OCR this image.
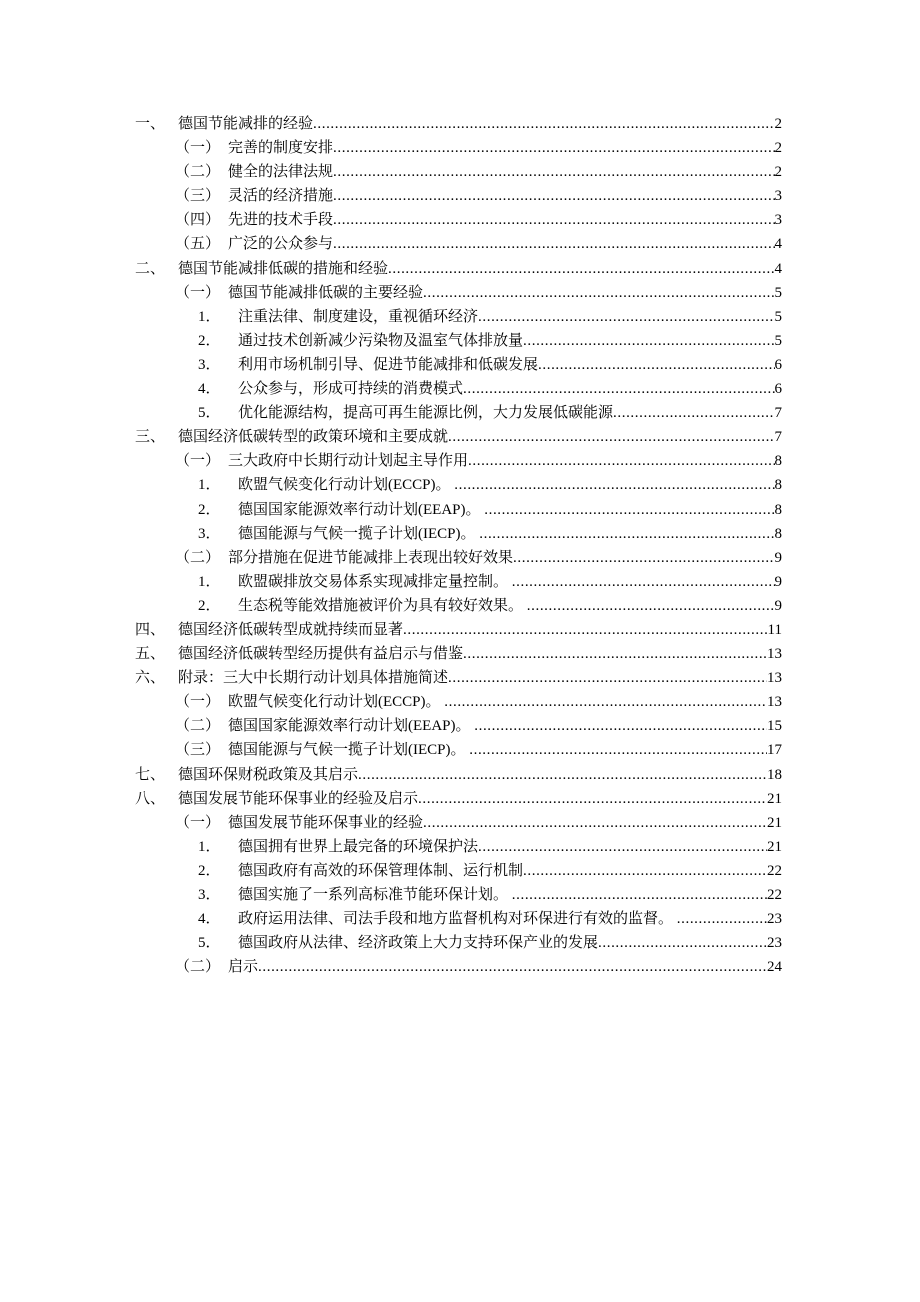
一、 德国节能减排的经验 .....	2
（一） 完善的制度安排 .....	2
（二） 健全的法律法规 .....	2
（三） 灵活的经济措施 .....	3
（四） 先进的技术手段 .....	3
（五） 广泛的公众参与 .....	4
二、 德国节能减排低碳的措施和经验 .....	4
（一） 德国节能减排低碳的主要经验 .....	5
1．	注重法律、制度建设，重视循环经济 .....	5
2．	通过技术创新减少污染物及温室气体排放量 .....	5
3．	利用市场机制引导、促进节能减排和低碳发展 .....	6
4．	公众参与，形成可持续的消费模式 .....	6
5．	优化能源结构，提高可再生能源比例，大力发展低碳能源 .....	7
三、 德国经济低碳转型的政策环境和主要成就 .....	7
（一） 三大政府中长期行动计划起主导作用 .....	8
1．	欧盟气候变化行动计划(ECCP)。 .....	8
2．	德国国家能源效率行动计划(EEAP)。 .....	8
3．	德国能源与气候一揽子计划(IECP)。 .....	8
（二） 部分措施在促进节能减排上表现出较好效果 .....	9
1．	欧盟碳排放交易体系实现减排定量控制。 .....	9
2．	生态税等能效措施被评价为具有较好效果。 .....	9
四、 德国经济低碳转型成就持续而显著 .....	11
五、 德国经济低碳转型经历提供有益启示与借鉴 .....	13
六、 附录：三大中长期行动计划具体措施简述 .....	13
（一） 欧盟气候变化行动计划(ECCP)。 .....	13
（二） 德国国家能源效率行动计划(EEAP)。 .....	15
（三） 德国能源与气候一揽子计划(IECP)。 .....	17
七、 德国环保财税政策及其启示 .....	18
八、 德国发展节能环保事业的经验及启示 .....	21
（一） 德国发展节能环保事业的经验 .....	21
1．	德国拥有世界上最完备的环境保护法 .....	21
2．	德国政府有高效的环保管理体制、运行机制 .....	22
3．	德国实施了一系列高标准节能环保计划。 .....	22
4．	政府运用法律、司法手段和地方监督机构对环保进行有效的监督。 .....	23
5．	德国政府从法律、经济政策上大力支持环保产业的发展 .....	23
（二） 启示 .....	24
